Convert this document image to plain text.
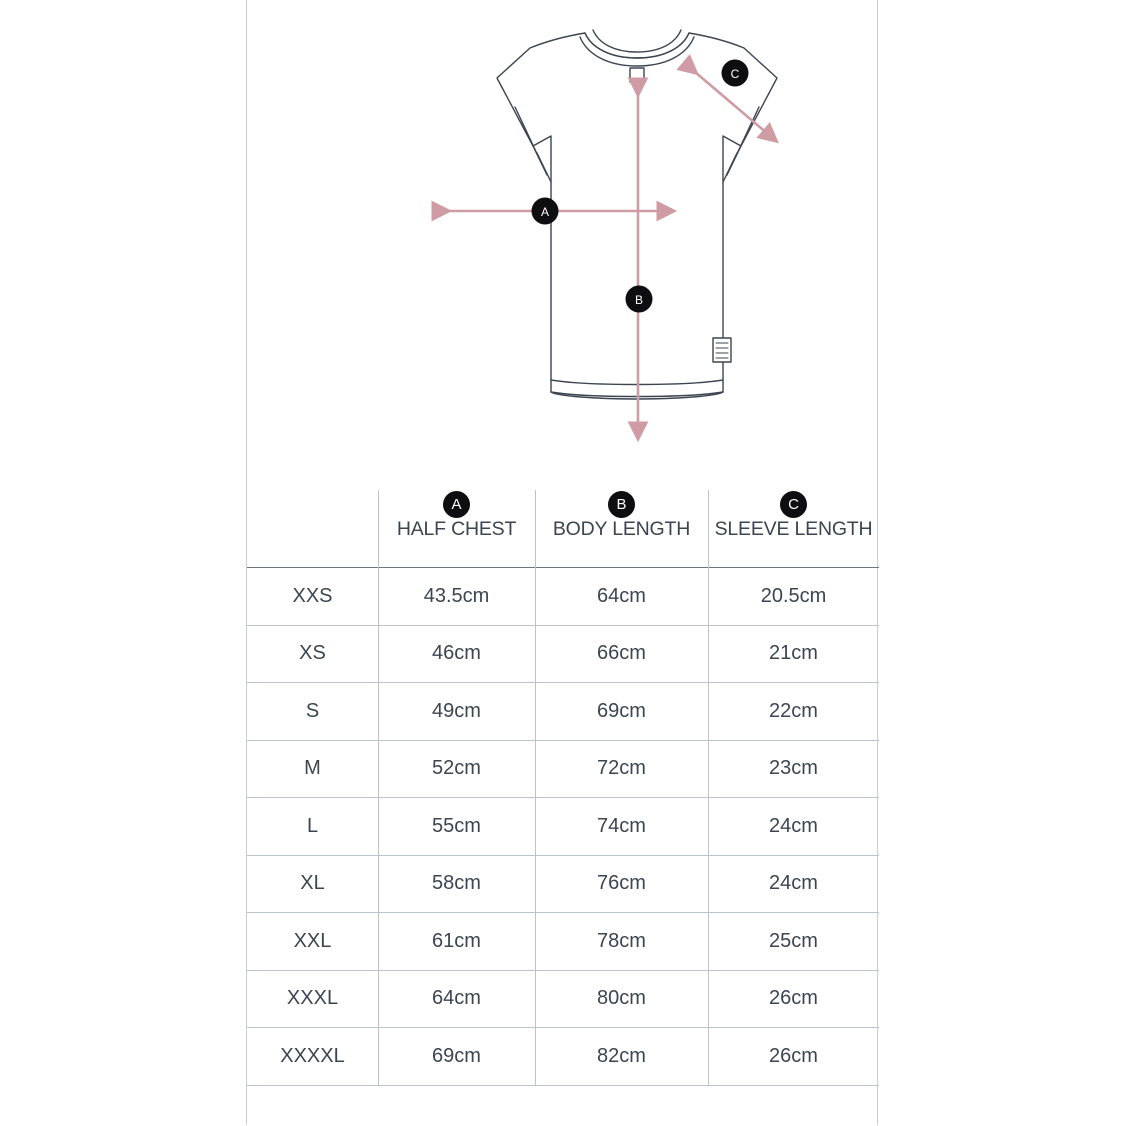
A
B
C
	A	B	C
	HALF CHEST	BODY LENGTH	SLEEVE LENGTH
XXS	43.5cm	64cm	20.5cm
XS	46cm	66cm	21cm
S	49cm	69cm	22cm
M	52cm	72cm	23cm
L	55cm	74cm	24cm
XL	58cm	76cm	24cm
XXL	61cm	78cm	25cm
XXXL	64cm	80cm	26cm
XXXXL	69cm	82cm	26cm
